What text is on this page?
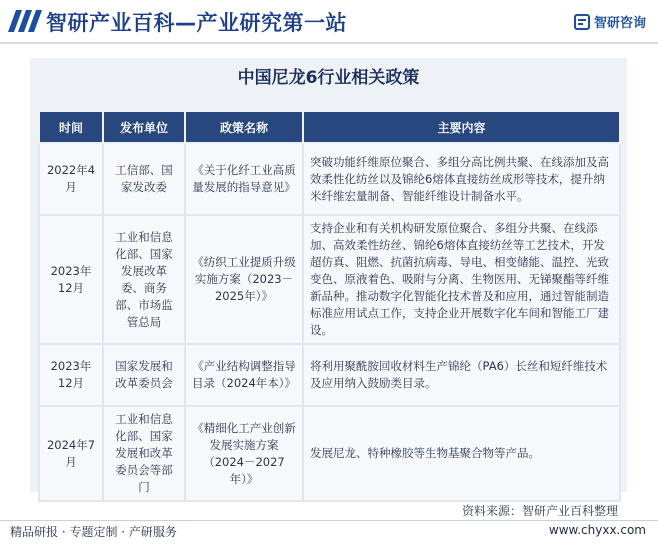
智研产业百科—产业研究第一站	智研咨询
中国尼龙6行业相关政策
时间	发布单位	政策名称	主要内容
2022年4月	工信部、国家发改委	《关于化纤工业高质量发展的指导意见》	突破功能纤维原位聚合、多组分高比例共聚、在线添加及高效柔性化纺丝以及锦纶6熔体直接纺丝成形等技术，提升纳米纤维宏量制备、智能纤维设计制备水平。
2023年12月	工业和信息化部、国家发展改革委、商务部、市场监管总局	《纺织工业提质升级实施方案（2023－2025年）》	支持企业和有关机构研发原位聚合、多组分共聚、在线添加、高效柔性纺丝、锦纶6熔体直接纺丝等工艺技术，开发超仿真、阻燃、抗菌抗病毒、导电、相变储能、温控、光致变色、原液着色、吸附与分离、生物医用、无锑聚酯等纤维新品种。推动数字化智能化技术普及和应用，通过智能制造标准应用试点工作，支持企业开展数字化车间和智能工厂建设。
2023年12月	国家发展和改革委员会	《产业结构调整指导目录（2024年本）》	将利用聚酰胺回收材料生产锦纶（PA6）长丝和短纤维技术及应用纳入鼓励类目录。
2024年7月	工业和信息化部、国家发展和改革委员会等部门	《精细化工产业创新发展实施方案（2024－2027年）》	发展尼龙、特种橡胶等生物基聚合物等产品。
资料来源：智研产业百科整理
精品研报 · 专题定制 · 产研服务	www.chyxx.com
